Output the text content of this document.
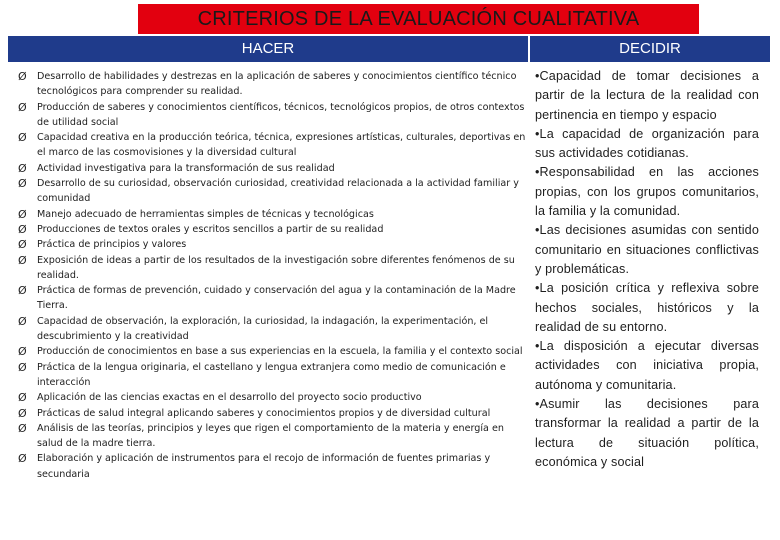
CRITERIOS DE LA EVALUACIÓN CUALITATIVA
HACER	DECIDIR
Ø Desarrollo de habilidades y destrezas en la aplicación de saberes y conocimientos científico técnico tecnológicos para comprender su realidad.
Ø Producción de saberes y conocimientos científicos, técnicos, tecnológicos propios, de otros contextos de utilidad social
Ø Capacidad creativa en la producción teórica, técnica, expresiones artísticas, culturales, deportivas en el marco de las cosmovisiones y la diversidad cultural
Ø Actividad investigativa para la transformación de sus realidad
Ø Desarrollo de su curiosidad, observación curiosidad, creatividad relacionada a la actividad familiar y comunidad
Ø Manejo adecuado de herramientas simples de técnicas y tecnológicas
Ø Producciones de textos orales y escritos sencillos a partir de su realidad
Ø Práctica de principios y valores
Ø Exposición de ideas a partir de los resultados de la investigación sobre diferentes fenómenos de su realidad.
Ø Práctica de formas de prevención, cuidado y conservación del agua y la contaminación de la Madre Tierra.
Ø Capacidad de observación, la exploración, la curiosidad, la indagación, la experimentación, el descubrimiento y la creatividad
Ø Producción de conocimientos en base a sus experiencias en la escuela, la familia y el contexto social
Ø Práctica de la lengua originaria, el castellano y lengua extranjera como medio de comunicación e interacción
Ø Aplicación de las ciencias exactas en el desarrollo del proyecto socio productivo
Ø Prácticas de salud integral aplicando saberes y conocimientos propios y de diversidad cultural
Ø Análisis de las teorías, principios y leyes que rigen el comportamiento de la materia y energía en salud de la madre tierra.
Ø Elaboración y aplicación de instrumentos para el recojo de información de fuentes primarias y secundaria

•Capacidad de tomar decisiones a partir de la lectura de la realidad con pertinencia en tiempo y espacio

•La capacidad de organización para sus actividades cotidianas.

•Responsabilidad en las acciones propias, con los grupos comunitarios, la familia y la comunidad.

•Las decisiones asumidas con sentido comunitario en situaciones conflictivas y problemáticas.

•La posición crítica y reflexiva sobre hechos sociales, históricos y la realidad de su entorno.

•La disposición a ejecutar diversas actividades con iniciativa propia, autónoma y comunitaria.

•Asumir las decisiones para transformar la realidad a partir de la lectura de situación política, económica y social
